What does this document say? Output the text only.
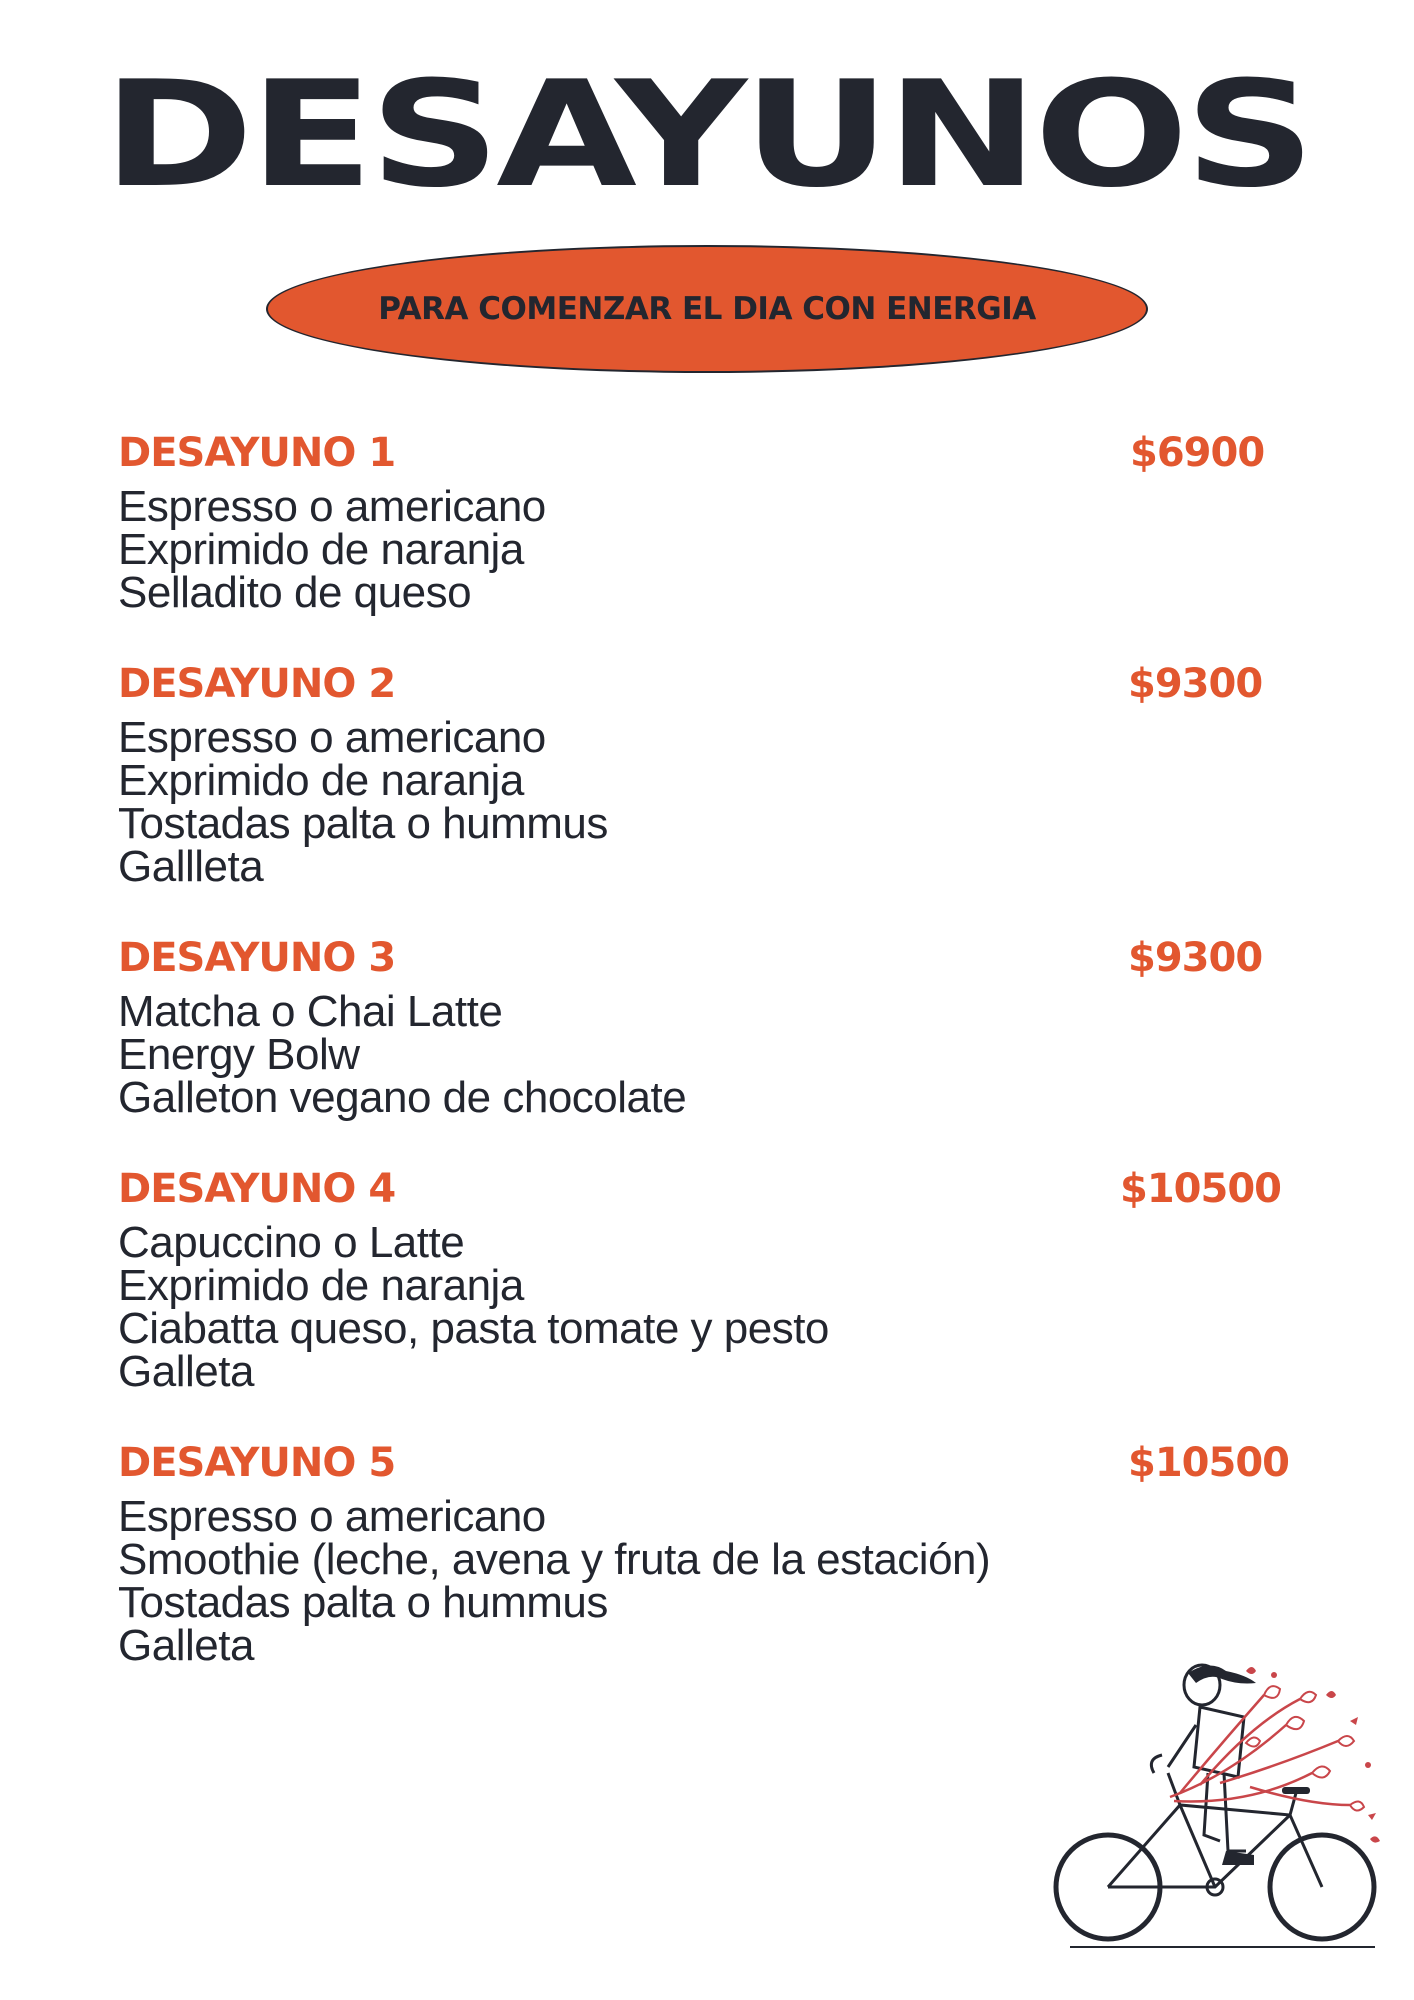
DESAYUNOS
PARA COMENZAR EL DIA CON ENERGIA
DESAYUNO 1	$6900
Espresso o americano
Exprimido de naranja
Selladito de queso
DESAYUNO 2	$9300
Espresso o americano
Exprimido de naranja
Tostadas palta o hummus
Gallleta
DESAYUNO 3	$9300
Matcha o Chai Latte
Energy Bolw
Galleton vegano de chocolate
DESAYUNO 4	$10500
Capuccino o Latte
Exprimido de naranja
Ciabatta queso, pasta tomate y pesto
Galleta
DESAYUNO 5	$10500
Espresso o americano
Smoothie (leche, avena y fruta de la estación)
Tostadas palta o hummus
Galleta
